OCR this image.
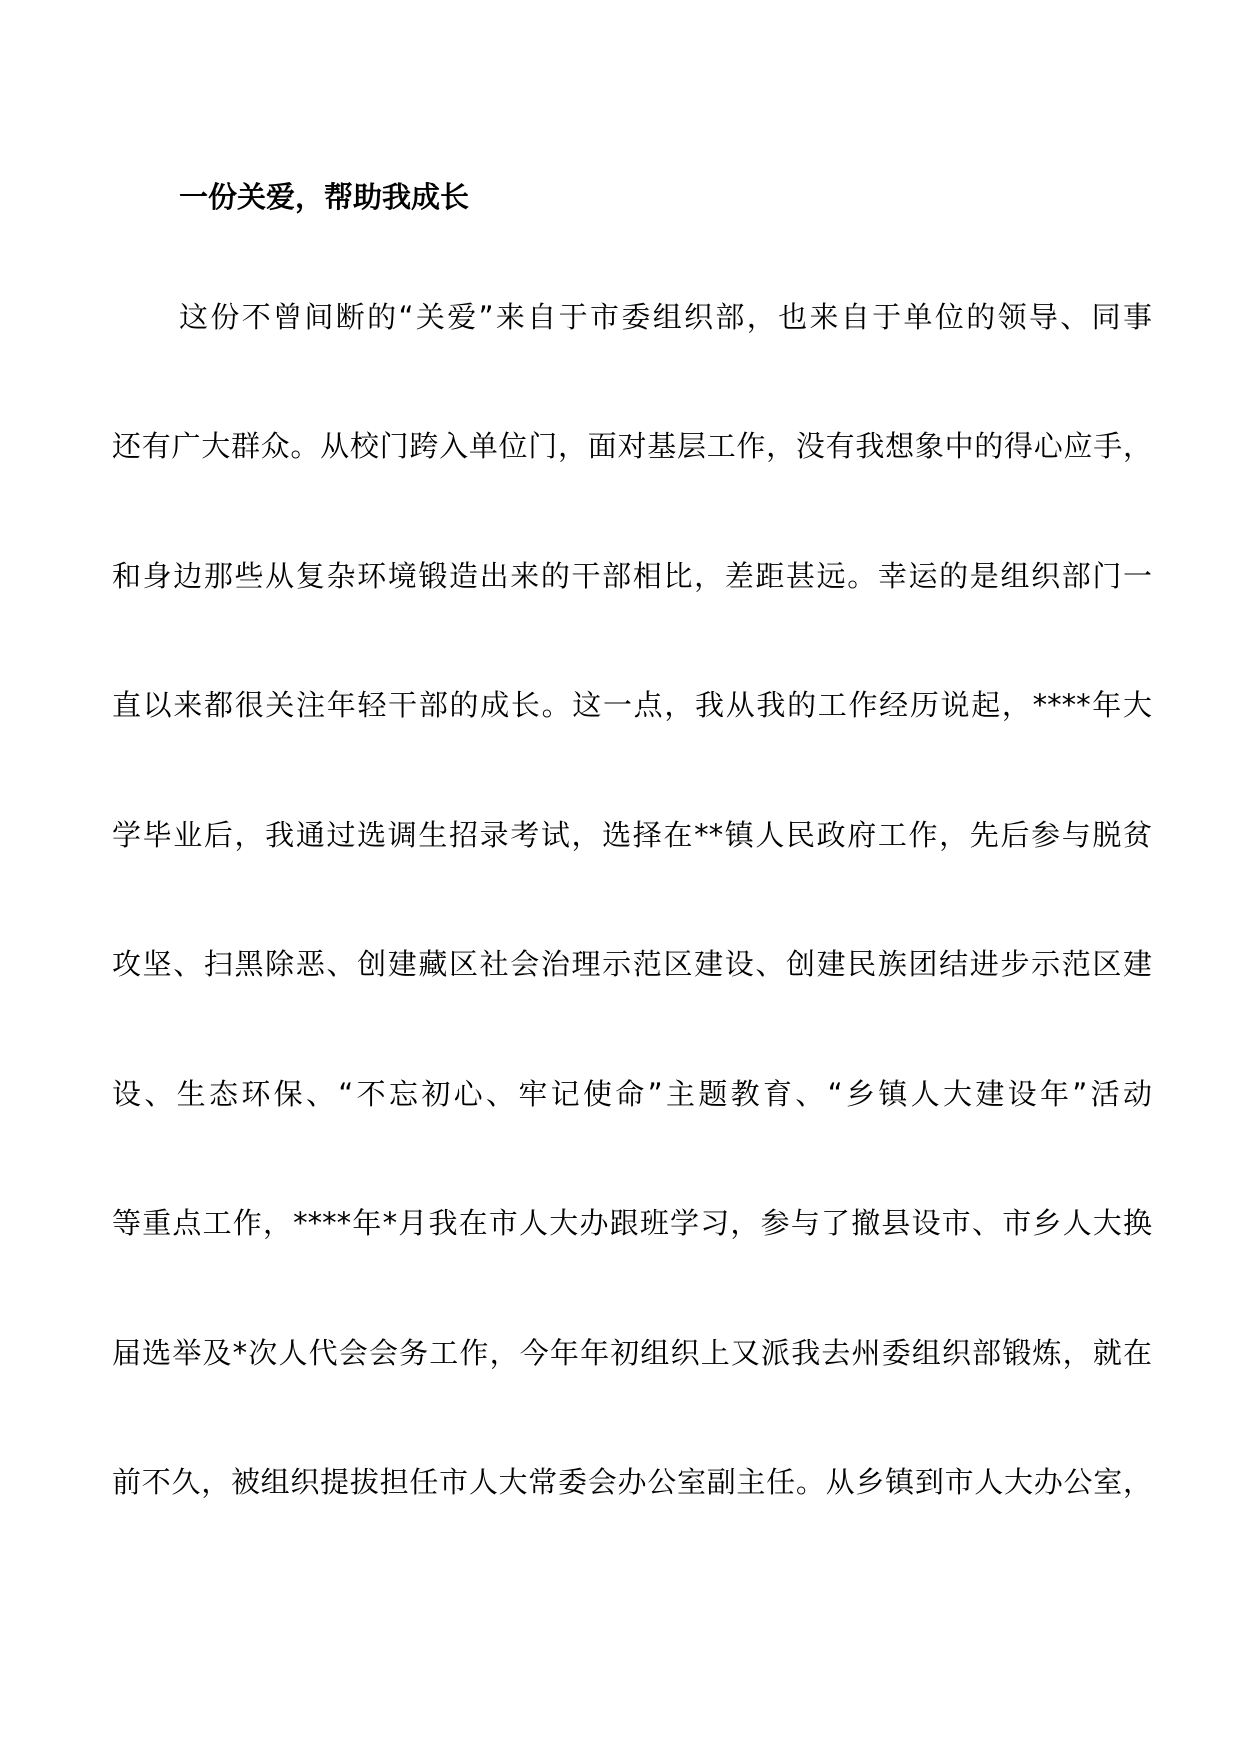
一份关爱，帮助我成长
这份不曾间断的“关爱”来自于市委组织部，也来自于单位的领导、同事
还有广大群众。从校门跨入单位门，面对基层工作，没有我想象中的得心应手，
和身边那些从复杂环境锻造出来的干部相比，差距甚远。幸运的是组织部门一
直以来都很关注年轻干部的成长。这一点，我从我的工作经历说起，****年大
学毕业后，我通过选调生招录考试，选择在**镇人民政府工作，先后参与脱贫
攻坚、扫黑除恶、创建藏区社会治理示范区建设、创建民族团结进步示范区建
设、生态环保、“不忘初心、牢记使命”主题教育、“乡镇人大建设年”活动
等重点工作，****年*月我在市人大办跟班学习，参与了撤县设市、市乡人大换
届选举及*次人代会会务工作，今年年初组织上又派我去州委组织部锻炼，就在
前不久，被组织提拔担任市人大常委会办公室副主任。从乡镇到市人大办公室，
